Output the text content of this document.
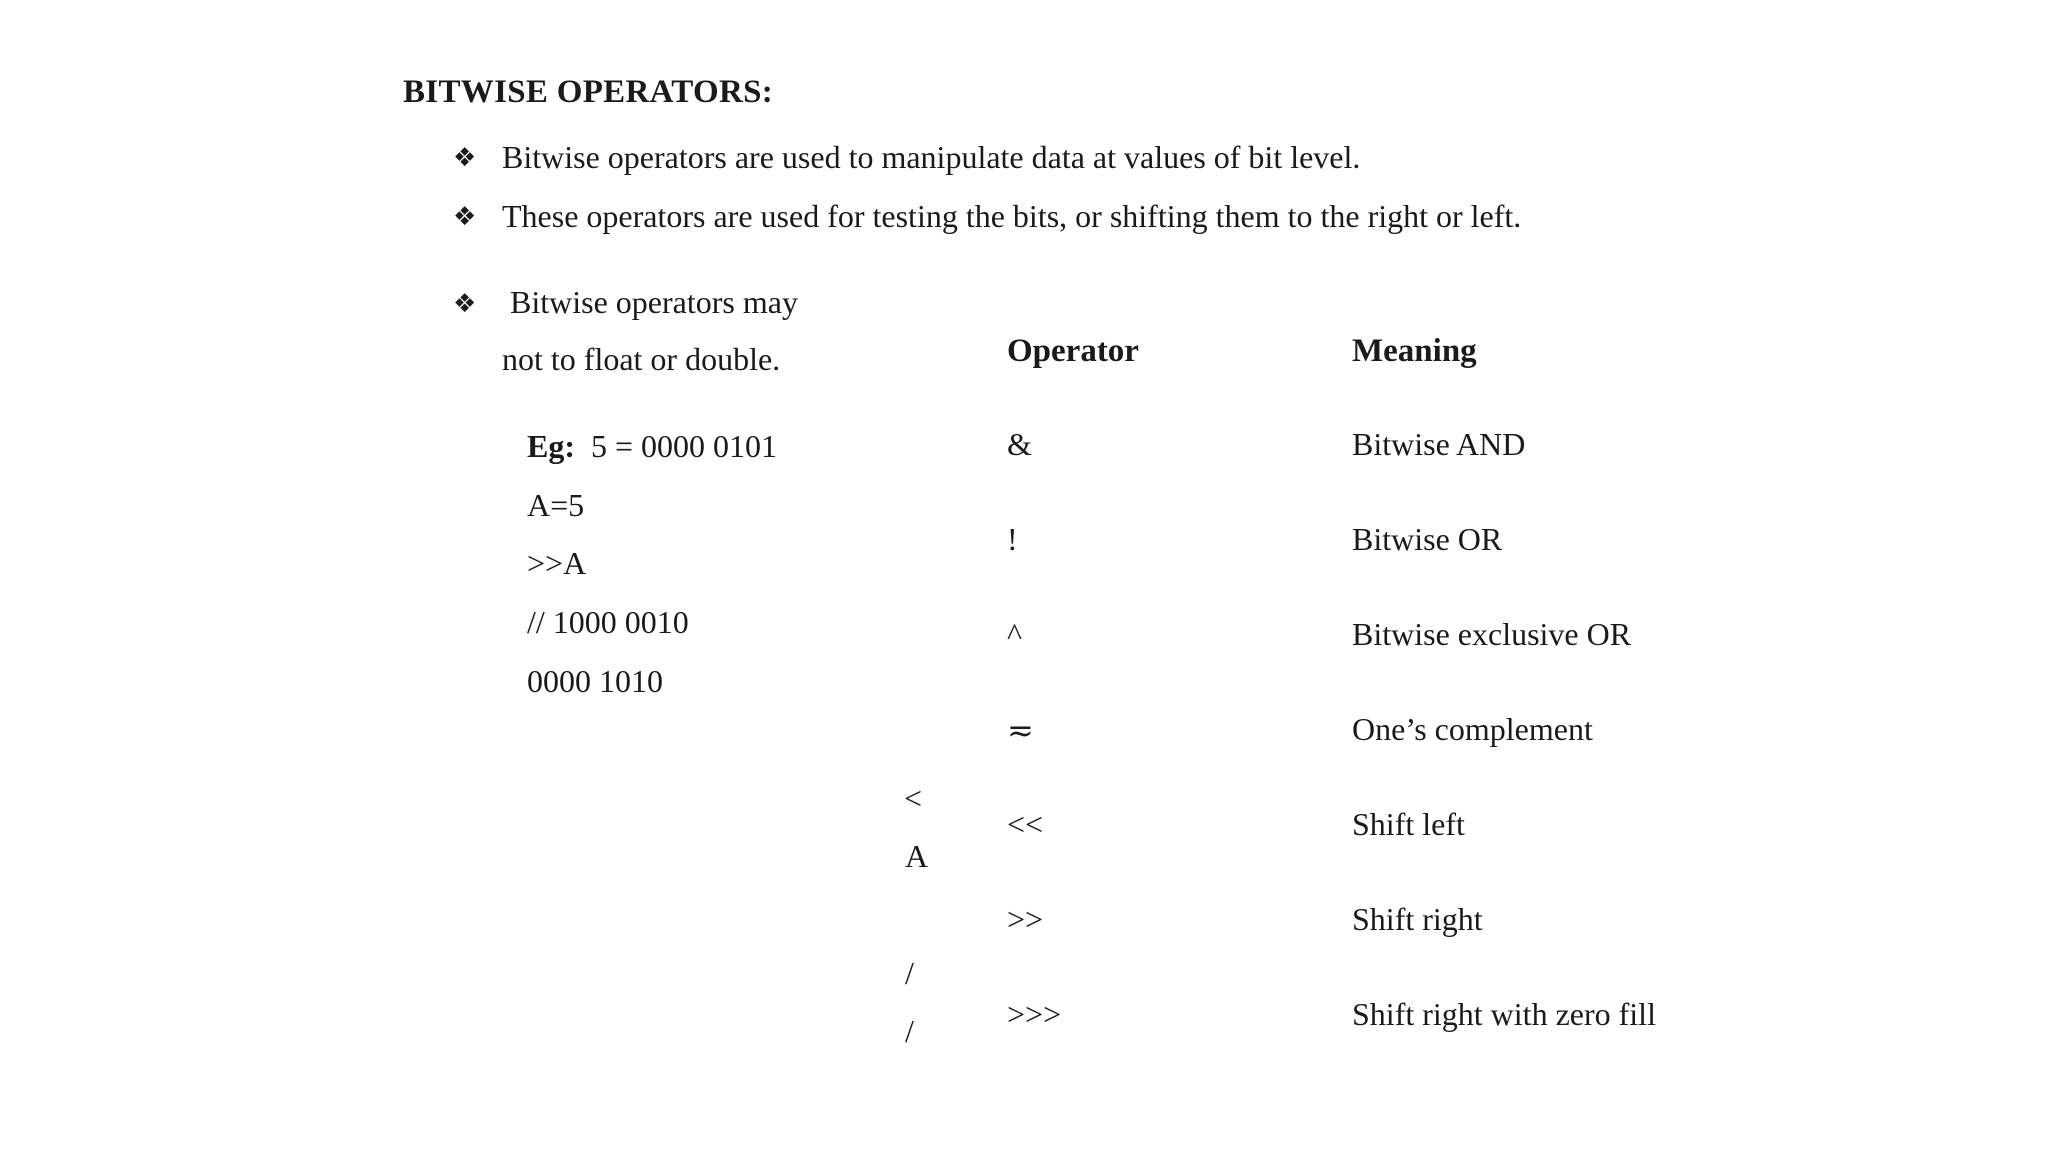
BITWISE OPERATORS:
❖ Bitwise operators are used to manipulate data at values of bit level.
❖ These operators are used for testing the bits, or shifting them to the right or left.
❖ Bitwise operators may
not to float or double.
Eg: 5 = 0000 0101
A=5
>>A
// 1000 0010
0000 1010
<
A
/
/
Operator	Meaning
&	Bitwise AND
!	Bitwise OR
^	Bitwise exclusive OR
≂	One’s complement
<<	Shift left
>>	Shift right
>>>	Shift right with zero fill
